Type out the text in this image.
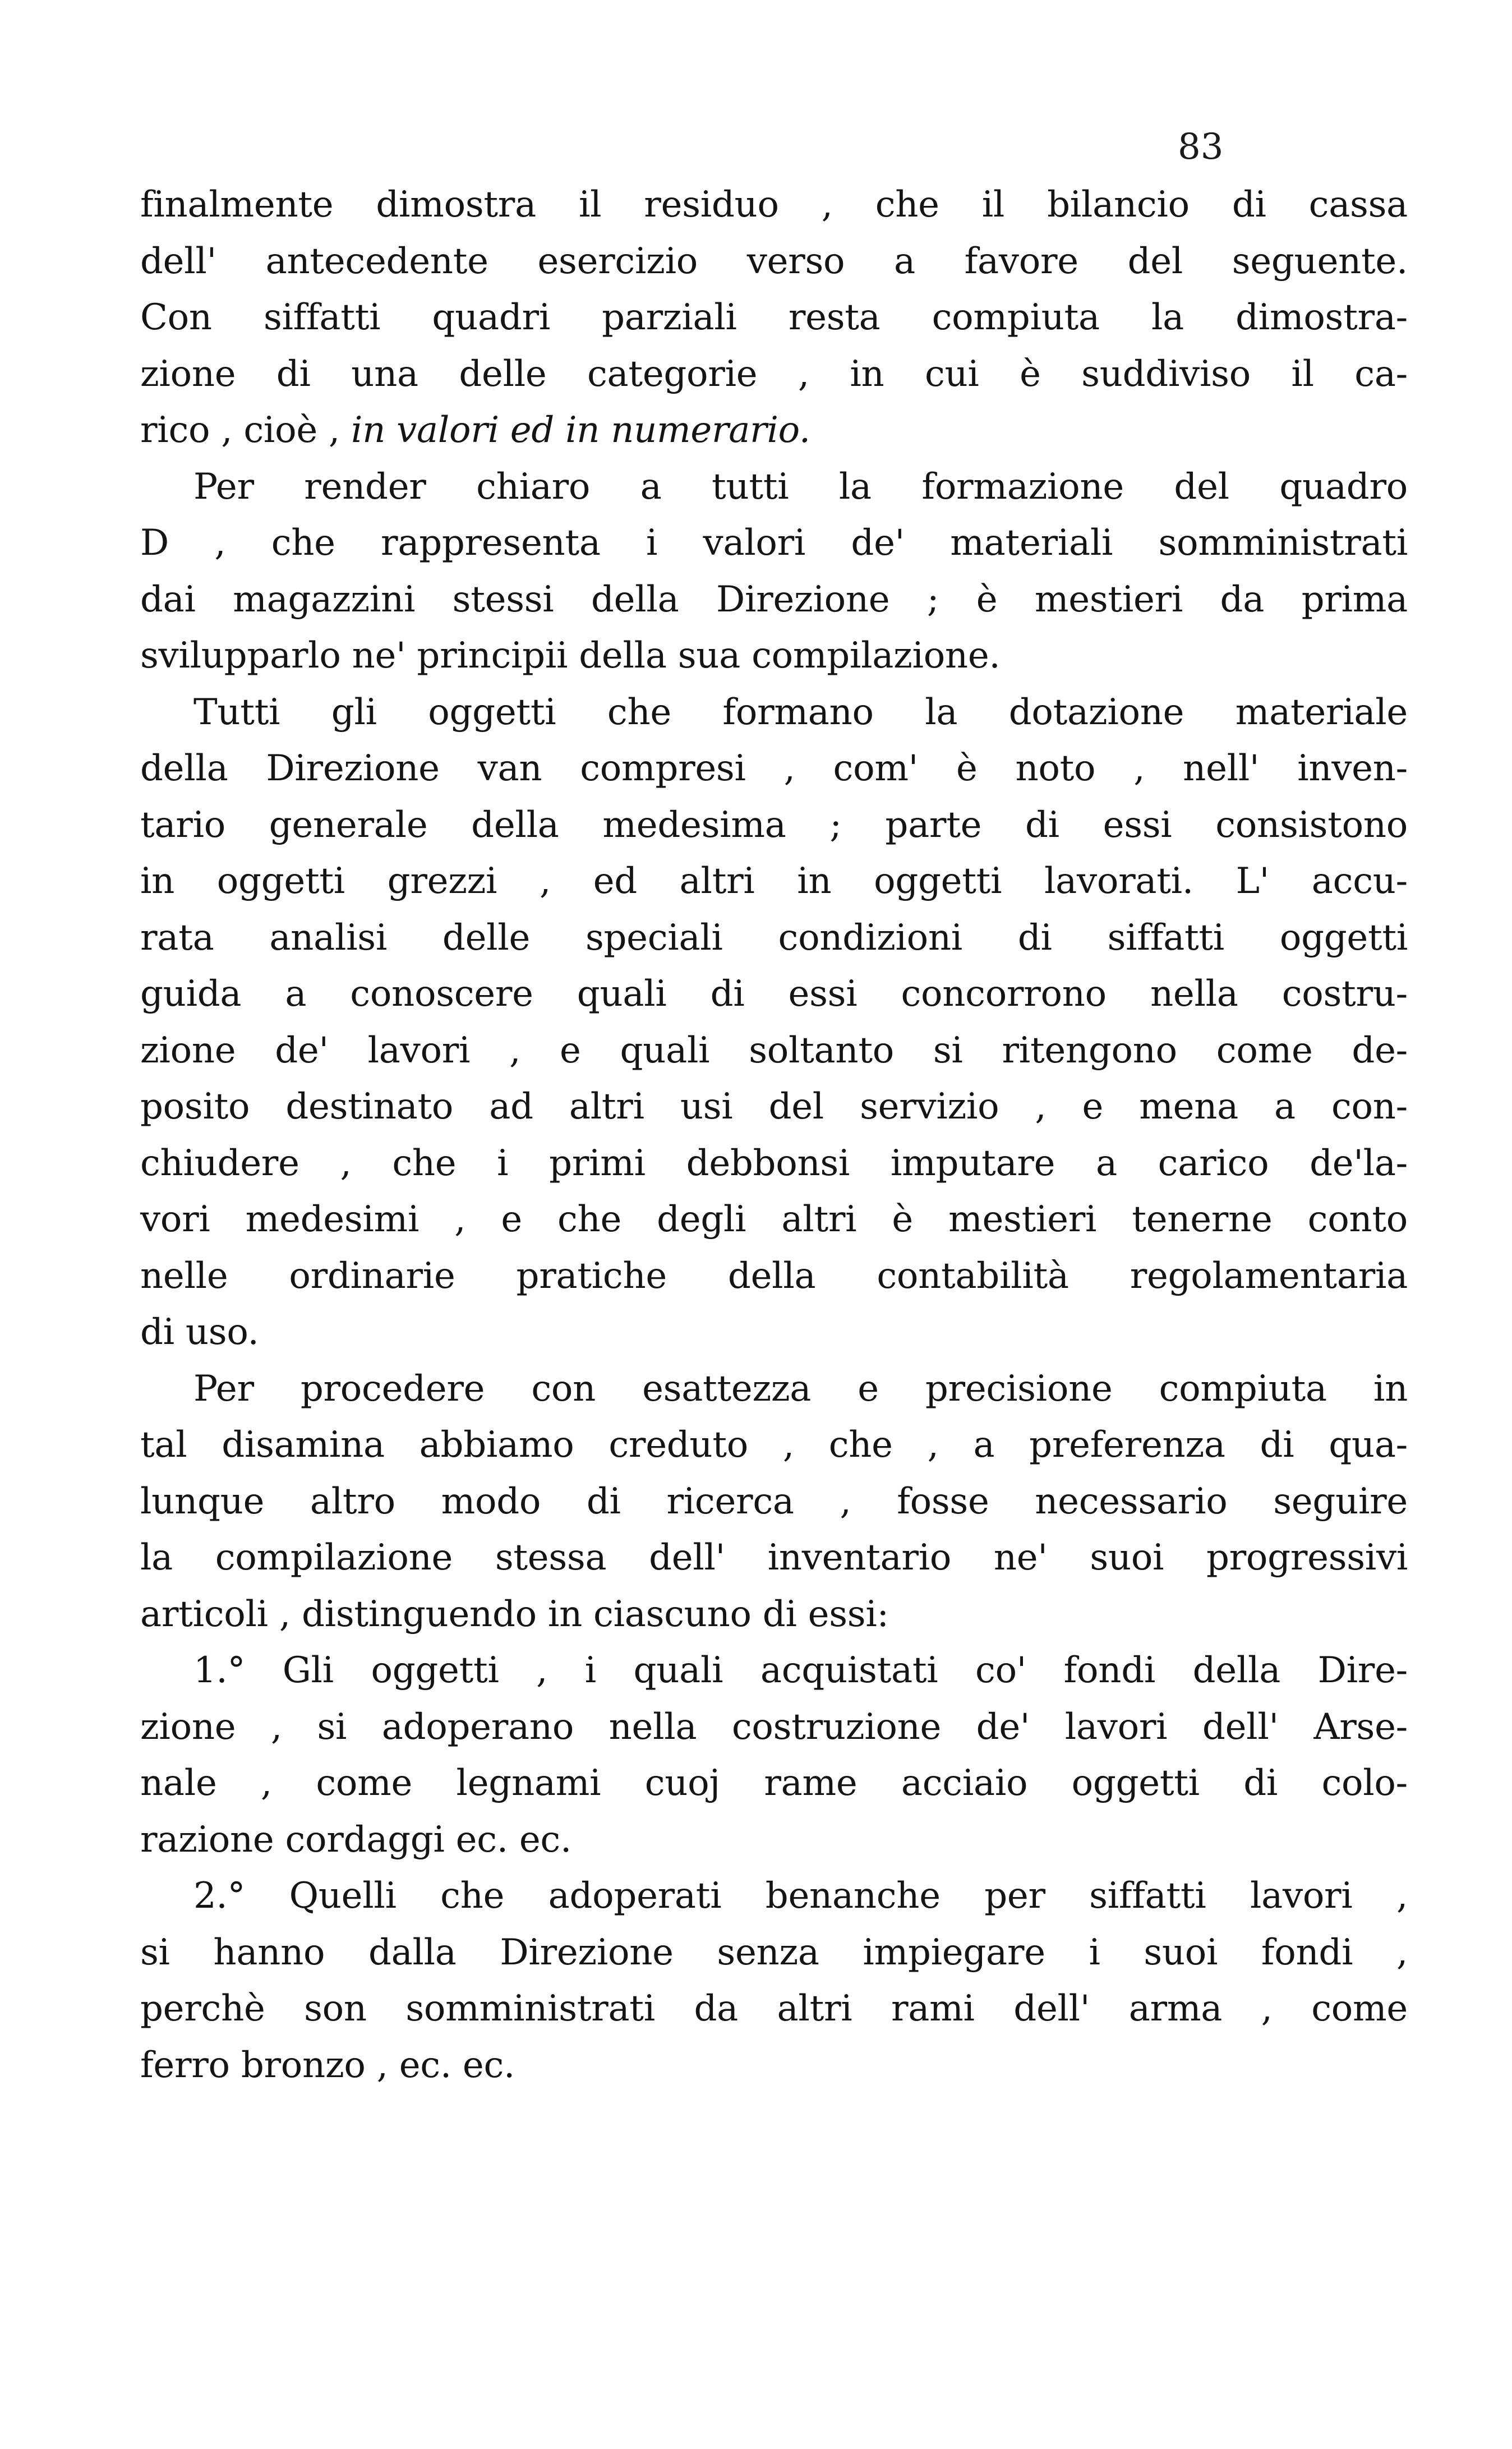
83
finalmente dimostra il residuo , che il bilancio di cassa
dell' antecedente esercizio verso a favore del seguente.
Con siffatti quadri parziali resta compiuta la dimostra-
zione di una delle categorie , in cui è suddiviso il ca-
rico , cioè , in valori ed in numerario.
Per render chiaro a tutti la formazione del quadro
D , che rappresenta i valori de' materiali somministrati
dai magazzini stessi della Direzione ; è mestieri da prima
svilupparlo ne' principii della sua compilazione.
Tutti gli oggetti che formano la dotazione materiale
della Direzione van compresi , com' è noto , nell' inven-
tario generale della medesima ; parte di essi consistono
in oggetti grezzi , ed altri in oggetti lavorati. L' accu-
rata analisi delle speciali condizioni di siffatti oggetti
guida a conoscere quali di essi concorrono nella costru-
zione de' lavori , e quali soltanto si ritengono come de-
posito destinato ad altri usi del servizio , e mena a con-
chiudere , che i primi debbonsi imputare a carico de'la-
vori medesimi , e che degli altri è mestieri tenerne conto
nelle ordinarie pratiche della contabilità regolamentaria
di uso.
Per procedere con esattezza e precisione compiuta in
tal disamina abbiamo creduto , che , a preferenza di qua-
lunque altro modo di ricerca , fosse necessario seguire
la compilazione stessa dell' inventario ne' suoi progressivi
articoli , distinguendo in ciascuno di essi:
1.° Gli oggetti , i quali acquistati co' fondi della Dire-
zione , si adoperano nella costruzione de' lavori dell' Arse-
nale , come legnami cuoj rame acciaio oggetti di colo-
razione cordaggi ec. ec.
2.° Quelli che adoperati benanche per siffatti lavori ,
si hanno dalla Direzione senza impiegare i suoi fondi ,
perchè son somministrati da altri rami dell' arma , come
ferro bronzo , ec. ec.
